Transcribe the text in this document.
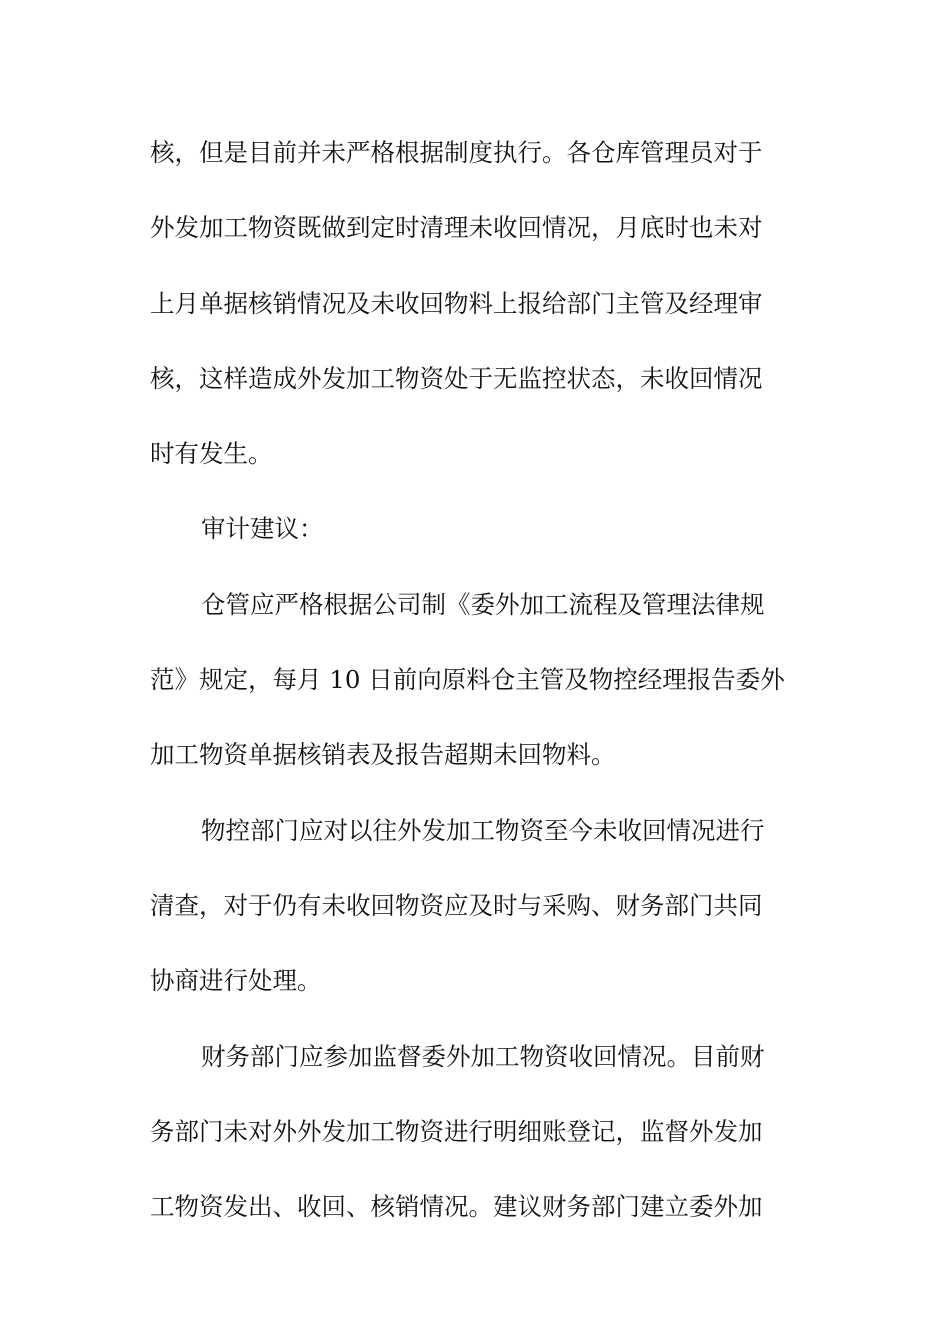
核，但是目前并未严格根据制度执行。各仓库管理员对于
外发加工物资既做到定时清理未收回情况，月底时也未对
上月单据核销情况及未收回物料上报给部门主管及经理审
核，这样造成外发加工物资处于无监控状态，未收回情况
时有发生。
审计建议：
仓管应严格根据公司制《委外加工流程及管理法律规
范》规定，每月 10 日前向原料仓主管及物控经理报告委外
加工物资单据核销表及报告超期未回物料。
物控部门应对以往外发加工物资至今未收回情况进行
清查，对于仍有未收回物资应及时与采购、财务部门共同
协商进行处理。
财务部门应参加监督委外加工物资收回情况。目前财
务部门未对外外发加工物资进行明细账登记，监督外发加
工物资发出、收回、核销情况。建议财务部门建立委外加
